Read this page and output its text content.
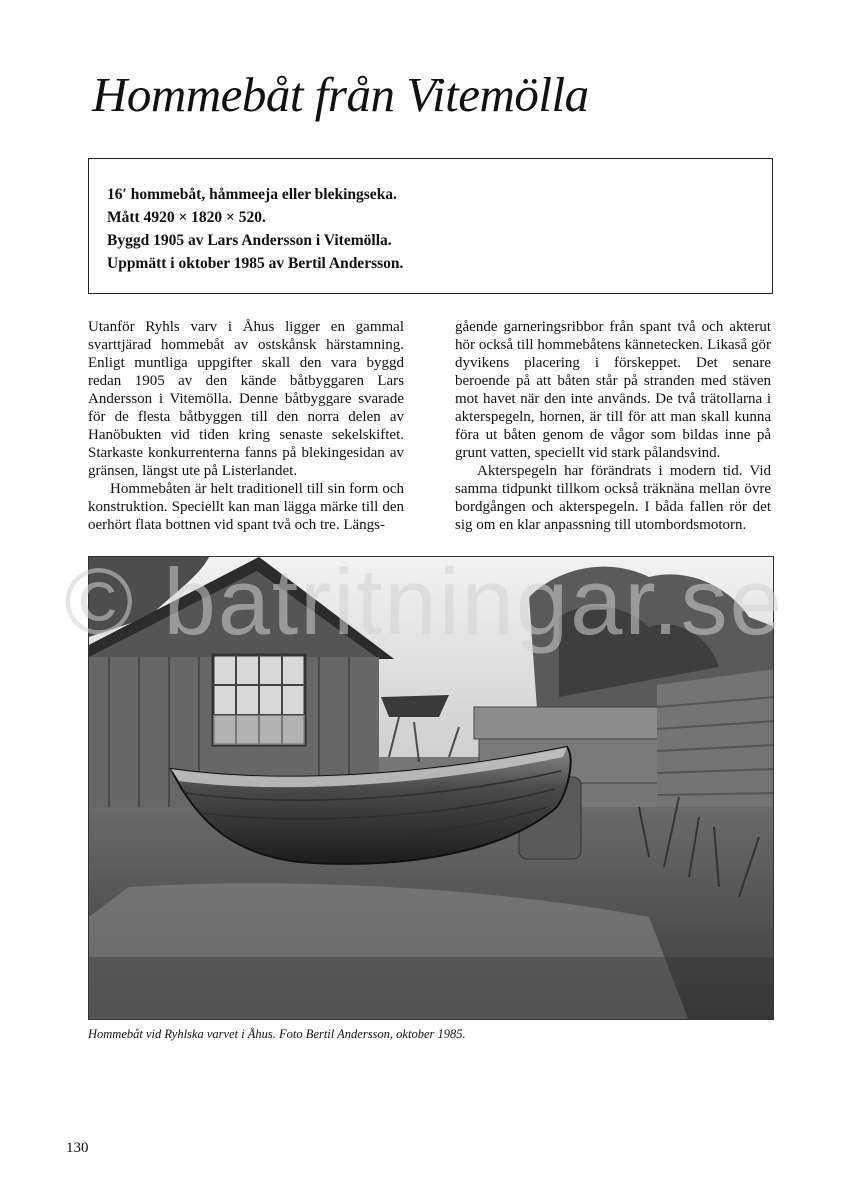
Hommebåt från Vitemölla
16′ hommebåt, håmmeeja eller blekingseka.
Mått 4920 × 1820 × 520.
Byggd 1905 av Lars Andersson i Vitemölla.
Uppmätt i oktober 1985 av Bertil Andersson.

Utanför Ryhls varv i Åhus ligger en gammal svarttjärad hommebåt av ostskånsk härstamning. Enligt muntliga uppgifter skall den vara byggd redan 1905 av den kände båtbyggaren Lars Andersson i Vitemölla. Denne båtbyggare svarade för de flesta båtbyggen till den norra delen av Hanöbukten vid tiden kring senaste sekelskiftet. Starkaste konkurrenterna fanns på blekingesidan av gränsen, längst ute på Listerlandet.

Hommebåten är helt traditionell till sin form och konstruktion. Speciellt kan man lägga märke till den oerhört flata bottnen vid spant två och tre. Längs-

gående garneringsribbor från spant två och akterut hör också till hommebåtens kännetecken. Likaså gör dyvikens placering i förskeppet. Det senare beroende på att båten står på stranden med stäven mot havet när den inte används. De två trätollarna i akterspegeln, hornen, är till för att man skall kunna föra ut båten genom de vågor som bildas inne på grunt vatten, speciellt vid stark pålandsvind.

Akterspegeln har förändrats i modern tid. Vid samma tidpunkt tillkom också träknäna mellan övre bordgången och akterspegeln. I båda fallen rör det sig om en klar anpassning till utombordsmotorn.

Hommebåt vid Ryhlska varvet i Åhus. Foto Bertil Andersson, oktober 1985.
© batritningar.se
130
